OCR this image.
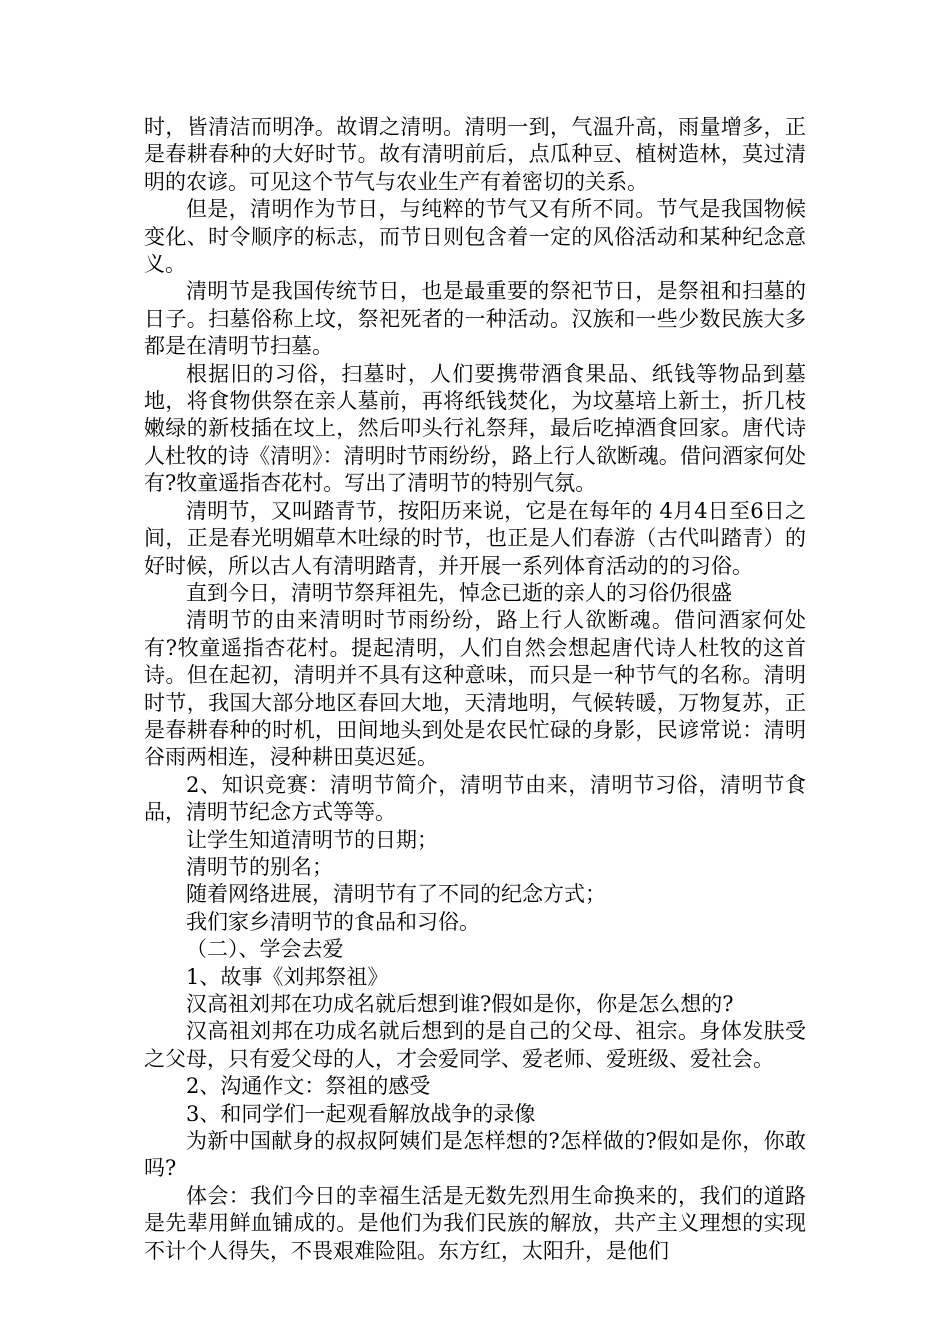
时，皆清洁而明净。故谓之清明。清明一到，气温升高，雨量增多，正是春耕春种的大好时节。故有清明前后，点瓜种豆、植树造林，莫过清明的农谚。可见这个节气与农业生产有着密切的关系。

但是，清明作为节日，与纯粹的节气又有所不同。节气是我国物候变化、时令顺序的标志，而节日则包含着一定的风俗活动和某种纪念意义。

清明节是我国传统节日，也是最重要的祭祀节日，是祭祖和扫墓的日子。扫墓俗称上坟，祭祀死者的一种活动。汉族和一些少数民族大多都是在清明节扫墓。

根据旧的习俗，扫墓时，人们要携带酒食果品、纸钱等物品到墓地，将食物供祭在亲人墓前，再将纸钱焚化，为坟墓培上新土，折几枝嫩绿的新枝插在坟上，然后叩头行礼祭拜，最后吃掉酒食回家。唐代诗人杜牧的诗《清明》：清明时节雨纷纷，路上行人欲断魂。借问酒家何处有?牧童遥指杏花村。写出了清明节的特别气氛。

清明节，又叫踏青节，按阳历来说，它是在每年的 4月4日至6日之间，正是春光明媚草木吐绿的时节，也正是人们春游（古代叫踏青）的好时候，所以古人有清明踏青，并开展一系列体育活动的的习俗。

直到今日，清明节祭拜祖先，悼念已逝的亲人的习俗仍很盛

清明节的由来清明时节雨纷纷，路上行人欲断魂。借问酒家何处有?牧童遥指杏花村。提起清明，人们自然会想起唐代诗人杜牧的这首诗。但在起初，清明并不具有这种意味，而只是一种节气的名称。清明时节，我国大部分地区春回大地，天清地明，气候转暖，万物复苏，正是春耕春种的时机，田间地头到处是农民忙碌的身影，民谚常说：清明谷雨两相连，浸种耕田莫迟延。

2、知识竞赛：清明节简介，清明节由来，清明节习俗，清明节食品，清明节纪念方式等等。

让学生知道清明节的日期；

清明节的别名；

随着网络进展，清明节有了不同的纪念方式；

我们家乡清明节的食品和习俗。

（二）、学会去爱

1、故事《刘邦祭祖》

汉高祖刘邦在功成名就后想到谁?假如是你，你是怎么想的?

汉高祖刘邦在功成名就后想到的是自己的父母、祖宗。身体发肤受之父母，只有爱父母的人，才会爱同学、爱老师、爱班级、爱社会。

2、沟通作文：祭祖的感受

3、和同学们一起观看解放战争的录像

为新中国献身的叔叔阿姨们是怎样想的?怎样做的?假如是你，你敢吗?

体会：我们今日的幸福生活是无数先烈用生命换来的，我们的道路是先辈用鲜血铺成的。是他们为我们民族的解放，共产主义理想的实现不计个人得失，不畏艰难险阻。东方红，太阳升，是他们
